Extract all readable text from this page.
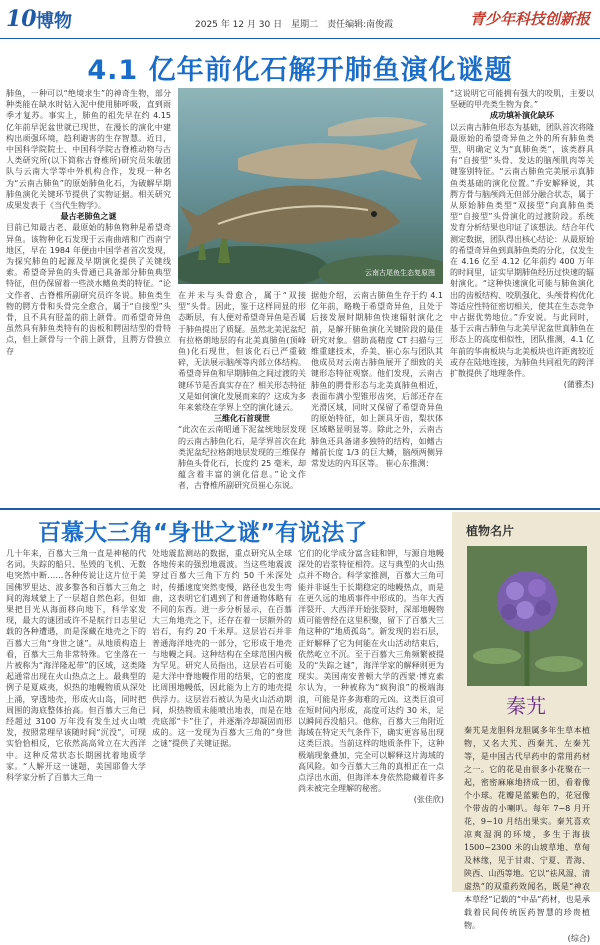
10 博物	2025 年 12 月 30 日　星期二　责任编辑:南俊霞	青少年科技创新报
4.1 亿年前化石解开肺鱼演化谜题
肺鱼，一种可以“绝境求生”的神奇生物，部分种类能在缺水时钻入泥中使用肺呼吸，直到雨季才复苏。事实上，肺鱼的祖先早在约 4.15 亿年前早泥盆世就已现世，在漫长的演化中建构出顽强环境，趋利避害的生存智慧。近日，中国科学院院士、中国科学院古脊椎动物与古人类研究所(以下简称古脊椎所)研究员朱敏团队与云南大学等中外机构合作，发现一种名为“云南古肺鱼”的原始肺鱼化石，为破解早期肺鱼演化关键环节提供了实物证据。相关研究成果发表于《当代生物学》。
最古老肺鱼之谜
目前已知最古老、最原始的肺鱼物种是希望奇异鱼。该物种化石发现于云南曲靖和广西南宁地区，早在 1984 年便由中国学者首次发现，为探究肺鱼的起源及早期演化提供了关键线索。希望奇异鱼的头骨通已具备部分肺鱼典型特征，但仍保留着一些淡水鳍鱼类的特征。“论文作者、古脊椎所副研究员许冬说。肺鱼类生物的腭方骨和头骨完全愈合，属于“自接型”头骨，且不具有胫盖的前上颌骨。而希望奇异鱼虽然具有肺鱼类特有的齿板和腭固结型的骨特点，但上颌骨与一个前上颌骨，且腭方骨独立存
云南古尾鱼生态复原图
在并未与头骨愈合，属于“双接型”头骨。因此，鉴于这样同显的形态断层，有人便对希望奇异鱼是否属于肺鱼提出了质疑。虽然北美泥盆纪有拉格朗地层的有北美真肺鱼(顶峰鱼)化石现世，但该化石已严重破碎，无法展示脑颅等内部立体结构。希望奇异鱼和早期肺鱼之间过渡的关键环节是否真实存在？相关形态特征又是如何演化发展而来的？这成为多年来萦绕在学界上空的演化谜云。
三维化石首现世
“此次在云南昭通下泥盆统地层发现的云南古肺鱼化石，是学界首次在此类泥盆纪拉格朗地层发现的三维保存肺鱼头骨化石，长度约 25 毫米，却蕴含着丰富的演化信息。”论文作者，古脊椎所副研究员崔心东说。
据他介绍，云南古肺鱼生存于约 4.1 亿年前，略晚于希望奇异鱼，且处于后接发展时期肺鱼快速辐射演化之前，是解开肺鱼演化关键阶段的最佳研究对象。借助高精度 CT 扫描与三维重建技术，乔美、崔心东与团队其他成员对云南古肺鱼展开了细致的关键形态特征观察。他们发现，云南古肺鱼的腭骨形态与北美真肺鱼相近，表面布满小型锥形齿突，后部还存在光滑区域，同时又保留了希望奇异鱼的原始特征，如上颌具牙齿，梨状体区域略显明显等。除此之外，云南古肺鱼还具备诸多独特的结构，如鳍古鳍前长度 1/3 的巨大鳞，脑颅两侧异常发达的内耳区等。 崔心东推测：
“这说明它可能拥有强大的咬肌，主要以坚硬的甲壳类生物为食。”
成功填补演化缺环
以云南古肺鱼形态为基础，团队首次将隆最原始的希望奇异鱼之外的所有肺鱼类型，明确定义为“真肺鱼类”，该类群具有“自接型”头骨、发达的脑颅肌肉等关键鉴别特征。“云南古肺鱼完美展示真肺鱼类基础的演化位置。”乔安解释说，其腭方骨与脑颅尚无但部分融合状态，属于从原始肺鱼类型“双接型”向真肺鱼类型“自接型”头骨演化的过渡阶段。系统发育分析结果也印证了该想法。结合年代测定数据，团队得出核心结论：从最原始的希望奇异鱼到真肺鱼类的分化，仅发生在 4.16 亿至 4.12 亿年前约 400 万年的时间里，证实早期肺鱼经历过快速的辐射演化。“这种快速演化可能与肺鱼演化出的齿板结构、咬肌强化、头颅骨构优化等适应性特征密切相关，使其在生态竞争中占据优势地位。”乔安说。与此同时，基于云南古肺鱼与北美早泥盆世真肺鱼在形态上的高度相似性，团队推测，4.1 亿年前的华南板块与北美板块也许距离较近或存在陆地连接，为肺鱼共同祖先的跨洋扩散提供了地理条件。
(蒲雅杰)
百慕大三角“身世之谜”有说法了
几十年来，百慕大三角一直是神秘的代名词。失踪的船只、坠毁的飞机、无数电突然中断……各种传说让这片位于美国佛罗里达、波多黎各和百慕大三角之间的海域蒙上了一层超自然色彩。但如果把目光从海面移向地下，科学家发现，最大的谜团或许不是航行日志里记载的各种遭遇，而是深藏在地壳之下的百慕大三角“身世之谜”。从地质构造上看，百慕大三角非常特殊。它坐落在一片被称为“海洋隆起带”的区域，这类隆起通常出现在火山热点之上。最典型的例子是夏威夷，炽热的地幔物质从深处上涌，穿透地壳，形成火山岛，同时把周围的海底整体抬高。但百慕大三角已经超过 3100 万年没有发生过火山喷发，按照常理早该随时间“沉没”，可现实恰恰相反，它依然高高耸立在大西洋中。这种反常状态长期困扰着地质学家。“人解开这一谜题，美国耶鲁大学科学家分析了百慕大三角一
处地震监测站的数据，重点研究从全球各地传来的强烈地震波。当这些地震波穿过百慕大三角下方约 50 千米深处时，传播速度突然变慢，路径也发生弯曲，这表明它们遇到了和普通物体略有不同的东西。进一步分析显示，在百慕大三角地壳之下，还存在着一层额外的岩石，有约 20 千米厚。这层岩石并非普通海洋地壳的一部分，它形成于地壳与地幔之间。这种结构在全球范围内极为罕见。研究人员指出，这层岩石可能是大洋中脊地幔作用的结果，它的密度比周围地幔低，因此能为上方的地壳提供浮力。这层岩石被认为是火山活动期间，炽热物质未能喷出地表，而是在地壳底部“卡”住了，并逐渐冷却凝固而形成的。这一发现为百慕大三角的“身世之谜”提供了关键证据。
它们的化学成分富含硅和钾，与源自地幔深处的岩浆特征相符。这与典型的火山热点并不吻合。科学家推测，百慕大三角可能并非诞生于长期稳定的地幔热点，而是在更久远的地质事件中形成的。当年大西洋裂开、大西洋开始张裂时，深部地幔物质可能曾经在这里积聚，留下了百慕大三角这种的“地质孤岛”。新发现的岩石层，正好解释了它为何能在火山活动结束后，依然屹立不沉。至于百慕大三角频繁被提及的“失踪之谜”，海洋学家的解释则更为现实。美国南安普顿大学的西蒙·博克索尔认为，一种被称为“疯狗浪”的极端海浪，可能是许多海难的元凶。这类巨浪可在短时间内形成，高度可达约 30 米，足以瞬间吞没船只。他称，百慕大三角附近海域在特定天气条件下，确实更容易出现这类巨浪。当前这样的地质条件下，这种极端现象叠加，完全可以解释这片海域的高风险。如今百慕大三角的真相正在一点点浮出水面，但海洋本身依然隐藏着许多尚未被完全理解的秘密。
(张佳欣)
植物名片
秦艽
秦艽是龙胆科龙胆属多年生草本植物，又名大艽、西秦艽、左秦艽等，是中国古代早药中的常用药材之一。它的花是由很多小花聚在一起，密密麻麻地挤成一团，看着像个小球。花瓣是蓝紫色的，花冠像个带齿的小喇叭。每年 7~8 月开花，9~10 月结出果实。秦艽喜欢凉爽湿润的环境，多生于海拔 1500~2300 米的山坡草地、草甸及林缘，见于甘肃、宁夏、青海、陕西、山西等地。它以“祛风湿、清虚热”的双重药效闻名，既是“神农本草经”记载的“中品”药材，也是承载着民间传统医药智慧的珍贵植物。
(综合)
